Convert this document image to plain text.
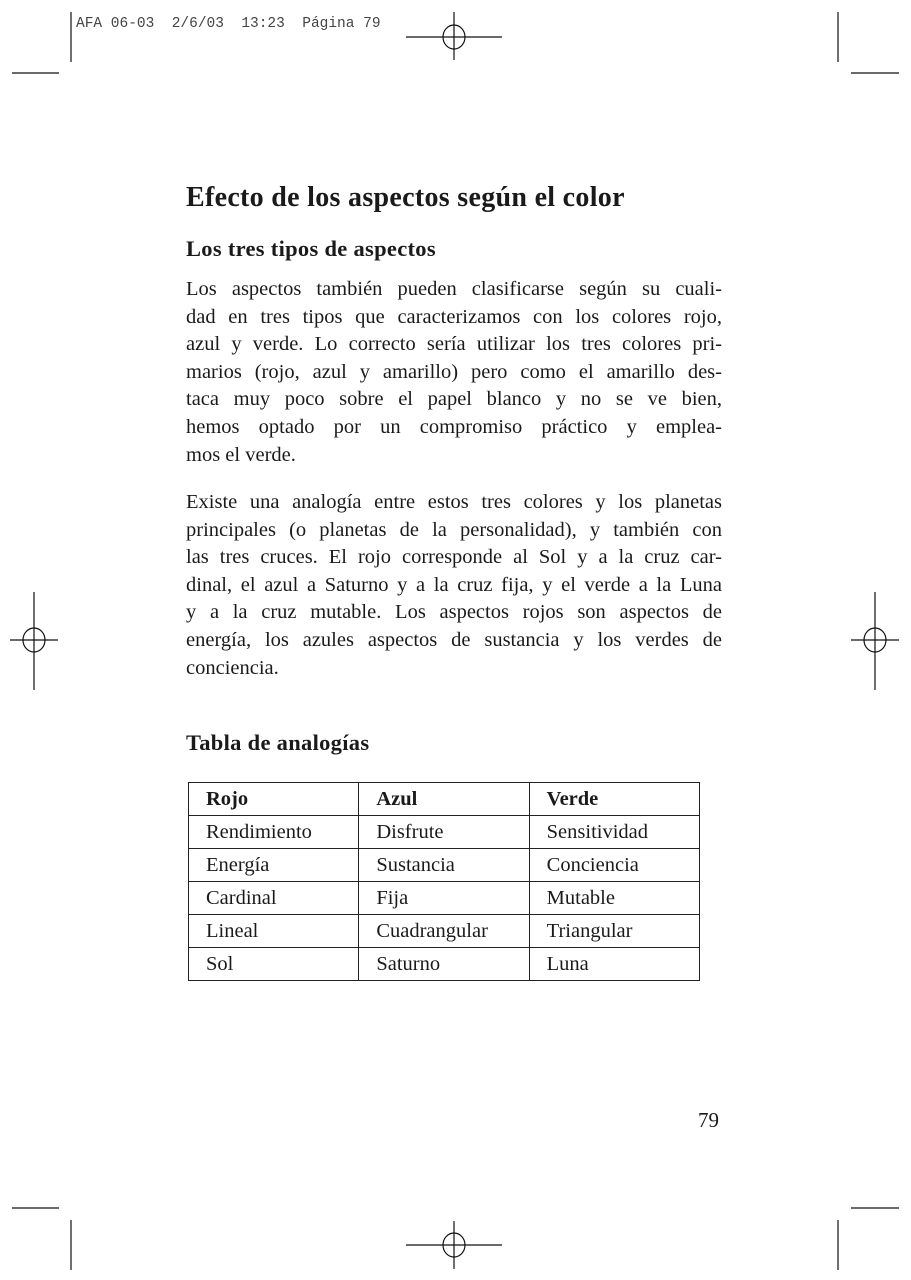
AFA 06-03  2/6/03  13:23  Página 79
Efecto de los aspectos según el color
Los tres tipos de aspectos
Los aspectos también pueden clasificarse según su cuali-
dad en tres tipos que caracterizamos con los colores rojo,
azul y verde. Lo correcto sería utilizar los tres colores pri-
marios (rojo, azul y amarillo) pero como el amarillo des-
taca muy poco sobre el papel blanco y no se ve bien,
hemos optado por un compromiso práctico y emplea-
mos el verde.
Existe una analogía entre estos tres colores y los planetas
principales (o planetas de la personalidad), y también con
las tres cruces. El rojo corresponde al Sol y a la cruz car-
dinal, el azul a Saturno y a la cruz fija, y el verde a la Luna
y a la cruz mutable. Los aspectos rojos son aspectos de
energía, los azules aspectos de sustancia y los verdes de
conciencia.
Tabla de analogías
Rojo	Azul	Verde
Rendimiento	Disfrute	Sensitividad
Energía	Sustancia	Conciencia
Cardinal	Fija	Mutable
Lineal	Cuadrangular	Triangular
Sol	Saturno	Luna
79
